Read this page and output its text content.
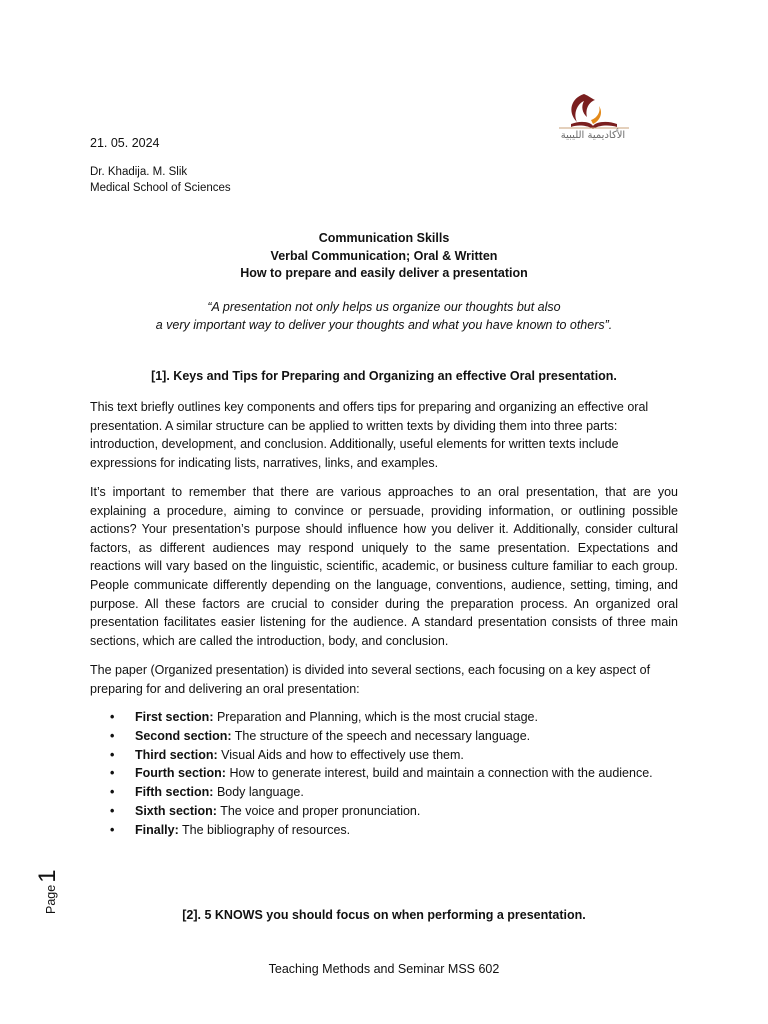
الأكاديمية الليبية
21. 05. 2024
Dr. Khadija. M. Slik
Medical School of Sciences
Communication Skills
Verbal Communication; Oral & Written
How to prepare and easily deliver a presentation
“A presentation not only helps us organize our thoughts but also
a very important way to deliver your thoughts and what you have known to others”.
[1]. Keys and Tips for Preparing and Organizing an effective Oral presentation.
This text briefly outlines key components and offers tips for preparing and organizing an effective oral
presentation. A similar structure can be applied to written texts by dividing them into three parts:
introduction, development, and conclusion. Additionally, useful elements for written texts include
expressions for indicating lists, narratives, links, and examples.
It’s important to remember that there are various approaches to an oral presentation, that are you explaining a procedure, aiming to convince or persuade, providing information, or outlining possible actions? Your presentation’s purpose should influence how you deliver it. Additionally, consider cultural factors, as different audiences may respond uniquely to the same presentation. Expectations and reactions will vary based on the linguistic, scientific, academic, or business culture familiar to each group. People communicate differently depending on the language, conventions, audience, setting, timing, and purpose. All these factors are crucial to consider during the preparation process. An organized oral presentation facilitates easier listening for the audience. A standard presentation consists of three main sections, which are called the introduction, body, and conclusion.
The paper (Organized presentation) is divided into several sections, each focusing on a key aspect of
preparing for and delivering an oral presentation:
• First section: Preparation and Planning, which is the most crucial stage.
• Second section: The structure of the speech and necessary language.
• Third section: Visual Aids and how to effectively use them.
• Fourth section: How to generate interest, build and maintain a connection with the audience.
• Fifth section: Body language.
• Sixth section: The voice and proper pronunciation.
• Finally: The bibliography of resources.
Page1
[2]. 5 KNOWS you should focus on when performing a presentation.
Teaching Methods and Seminar MSS 602
